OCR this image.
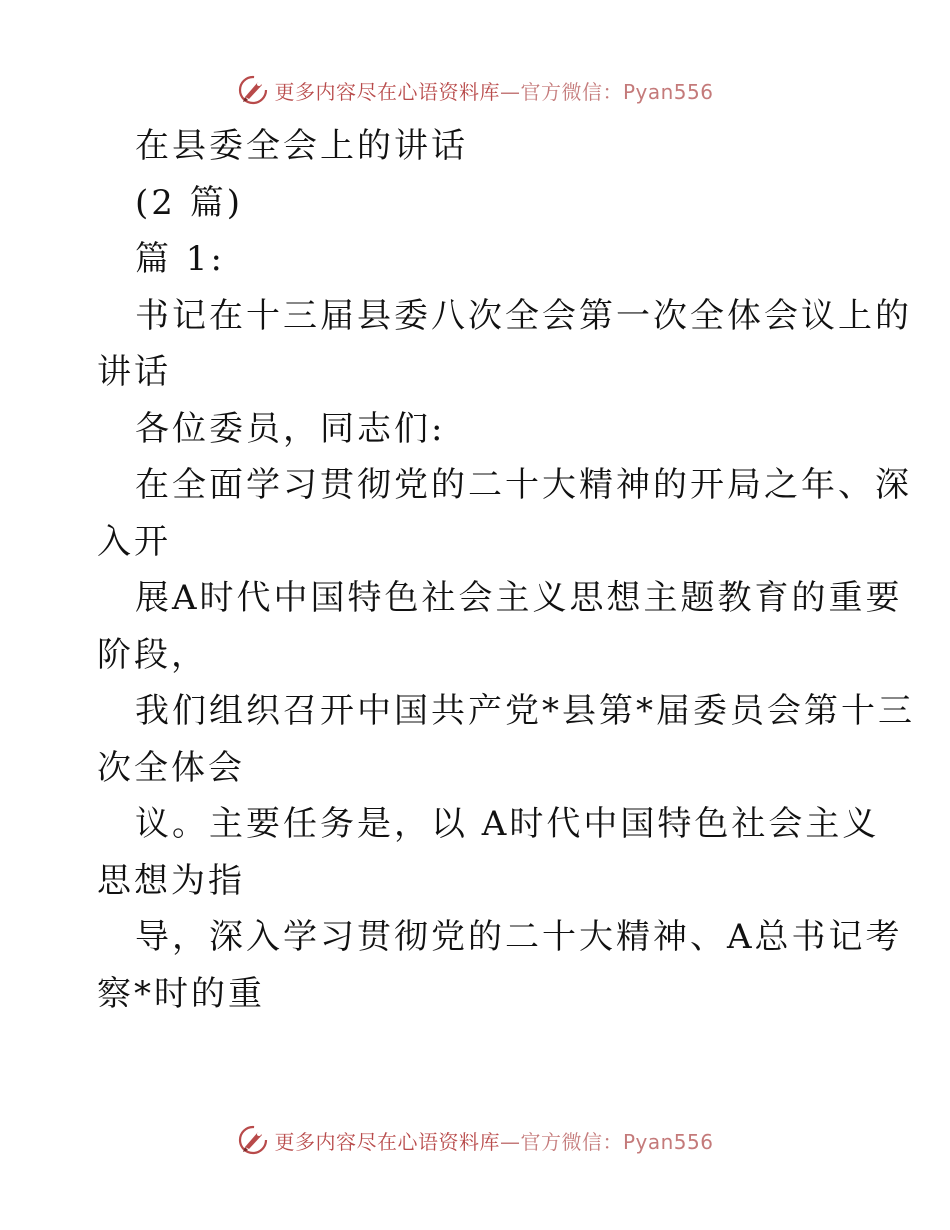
更多内容尽在心语资料库 —官方微信：Pyan556
在县委全会上的讲话
(2 篇)
篇 1:
书记在十三届县委八次全会第一次全体会议上的
讲话
各位委员，同志们:
在全面学习贯彻党的二十大精神的开局之年、深
入开
展A时代中国特色社会主义思想主题教育的重要
阶段，
我们组织召开中国共产党*县第*届委员会第十三
次全体会
议。主要任务是，以 A时代中国特色社会主义
思想为指
导，深入学习贯彻党的二十大精神、A总书记考
察*时的重
更多内容尽在心语资料库 —官方微信：Pyan556
